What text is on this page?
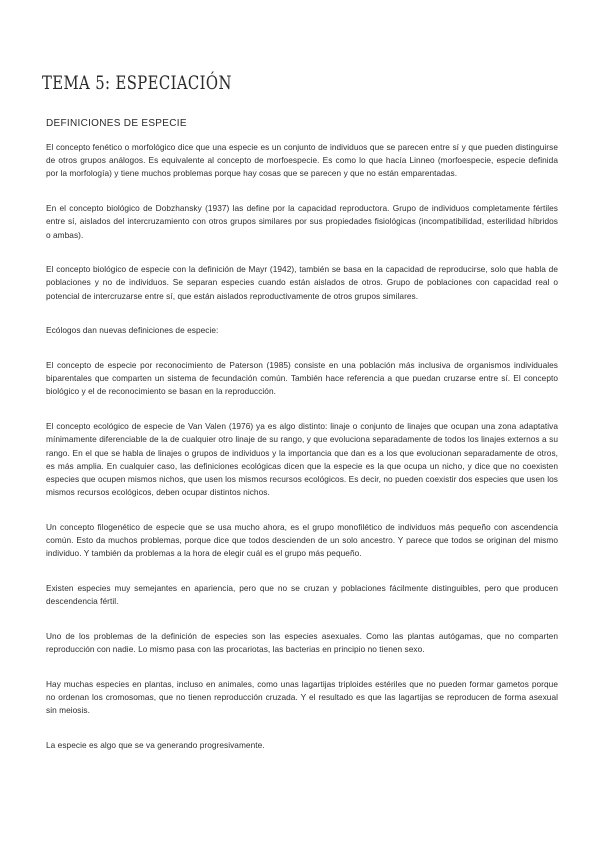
TEMA 5: ESPECIACIÓN
DEFINICIONES DE ESPECIE

El concepto fenético o morfológico dice que una especie es un conjunto de individuos que se parecen entre sí y que pueden distinguirse de otros grupos análogos. Es equivalente al concepto de morfoespecie. Es como lo que hacía Linneo (morfoespecie, especie definida por la morfología) y tiene muchos problemas porque hay cosas que se parecen y que no están emparentadas.

En el concepto biológico de Dobzhansky (1937) las define por la capacidad reproductora. Grupo de individuos completamente fértiles entre sí, aislados del intercruzamiento con otros grupos similares por sus propiedades fisiológicas (incompatibilidad, esterilidad híbridos o ambas).

El concepto biológico de especie con la definición de Mayr (1942), también se basa en la capacidad de reproducirse, solo que habla de poblaciones y no de individuos. Se separan especies cuando están aislados de otros. Grupo de poblaciones con capacidad real o potencial de intercruzarse entre sí, que están aislados reproductivamente de otros grupos similares.

Ecólogos dan nuevas definiciones de especie:

El concepto de especie por reconocimiento de Paterson (1985) consiste en una población más inclusiva de organismos individuales biparentales que comparten un sistema de fecundación común. También hace referencia a que puedan cruzarse entre sí. El concepto biológico y el de reconocimiento se basan en la reproducción.

El concepto ecológico de especie de Van Valen (1976) ya es algo distinto: linaje o conjunto de linajes que ocupan una zona adaptativa mínimamente diferenciable de la de cualquier otro linaje de su rango, y que evoluciona separadamente de todos los linajes externos a su rango. En el que se habla de linajes o grupos de individuos y la importancia que dan es a los que evolucionan separadamente de otros, es más amplia. En cualquier caso, las definiciones ecológicas dicen que la especie es la que ocupa un nicho, y dice que no coexisten especies que ocupen mismos nichos, que usen los mismos recursos ecológicos. Es decir, no pueden coexistir dos especies que usen los mismos recursos ecológicos, deben ocupar distintos nichos.

Un concepto filogenético de especie que se usa mucho ahora, es el grupo monofilético de individuos más pequeño con ascendencia común. Esto da muchos problemas, porque dice que todos descienden de un solo ancestro. Y parece que todos se originan del mismo individuo. Y también da problemas a la hora de elegir cuál es el grupo más pequeño.

Existen especies muy semejantes en apariencia, pero que no se cruzan y poblaciones fácilmente distinguibles, pero que producen descendencia fértil.

Uno de los problemas de la definición de especies son las especies asexuales. Como las plantas autógamas, que no comparten reproducción con nadie. Lo mismo pasa con las procariotas, las bacterias en principio no tienen sexo.

Hay muchas especies en plantas, incluso en animales, como unas lagartijas triploides estériles que no pueden formar gametos porque no ordenan los cromosomas, que no tienen reproducción cruzada. Y el resultado es que las lagartijas se reproducen de forma asexual sin meiosis.

La especie es algo que se va generando progresivamente.
